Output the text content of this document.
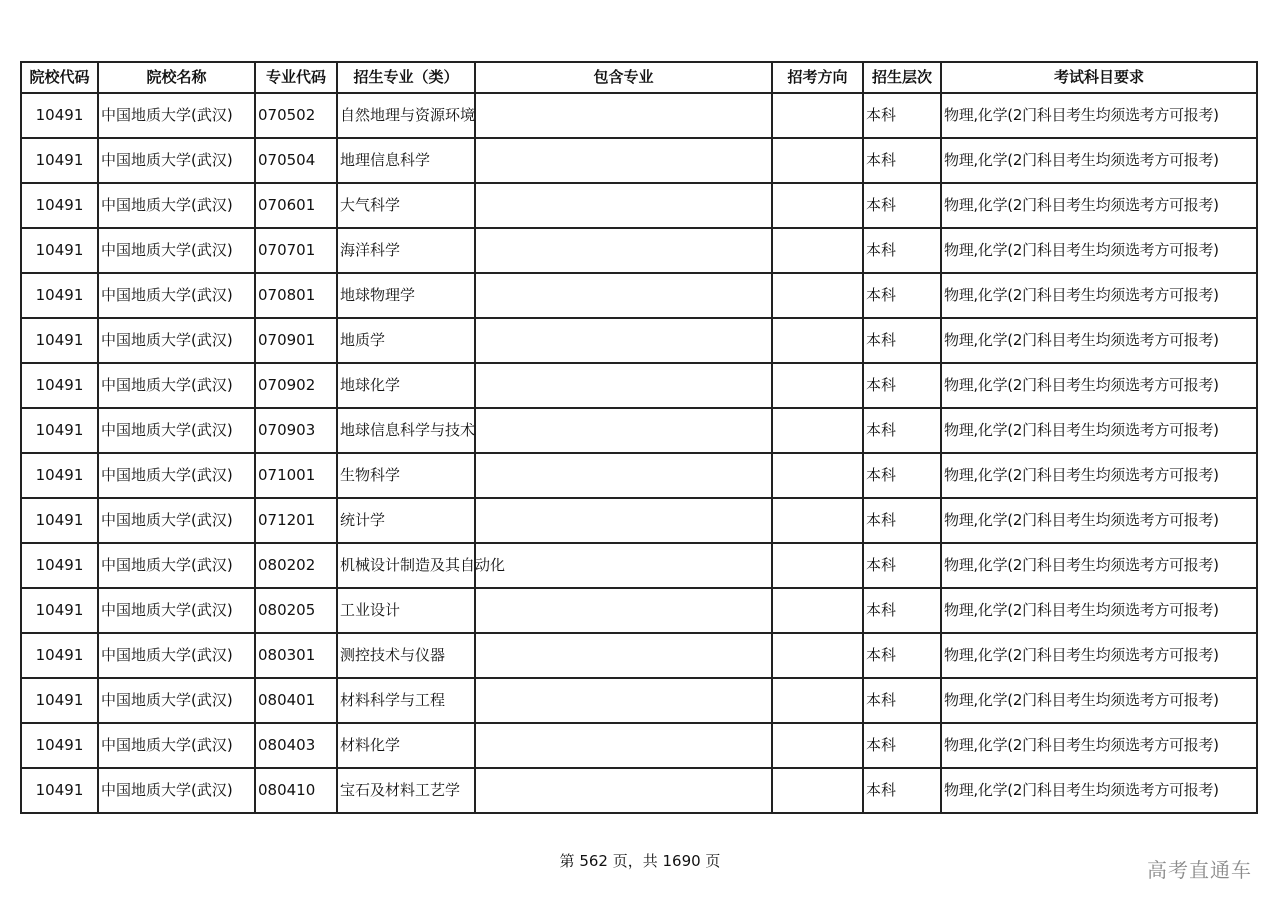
院校代码	院校名称	专业代码	招生专业（类）	包含专业	招考方向	招生层次	考试科目要求
10491	中国地质大学(武汉)	070502	自然地理与资源环境			本科	物理,化学(2门科目考生均须选考方可报考)
10491	中国地质大学(武汉)	070504	地理信息科学			本科	物理,化学(2门科目考生均须选考方可报考)
10491	中国地质大学(武汉)	070601	大气科学			本科	物理,化学(2门科目考生均须选考方可报考)
10491	中国地质大学(武汉)	070701	海洋科学			本科	物理,化学(2门科目考生均须选考方可报考)
10491	中国地质大学(武汉)	070801	地球物理学			本科	物理,化学(2门科目考生均须选考方可报考)
10491	中国地质大学(武汉)	070901	地质学			本科	物理,化学(2门科目考生均须选考方可报考)
10491	中国地质大学(武汉)	070902	地球化学			本科	物理,化学(2门科目考生均须选考方可报考)
10491	中国地质大学(武汉)	070903	地球信息科学与技术			本科	物理,化学(2门科目考生均须选考方可报考)
10491	中国地质大学(武汉)	071001	生物科学			本科	物理,化学(2门科目考生均须选考方可报考)
10491	中国地质大学(武汉)	071201	统计学			本科	物理,化学(2门科目考生均须选考方可报考)
10491	中国地质大学(武汉)	080202	机械设计制造及其自动化			本科	物理,化学(2门科目考生均须选考方可报考)
10491	中国地质大学(武汉)	080205	工业设计			本科	物理,化学(2门科目考生均须选考方可报考)
10491	中国地质大学(武汉)	080301	测控技术与仪器			本科	物理,化学(2门科目考生均须选考方可报考)
10491	中国地质大学(武汉)	080401	材料科学与工程			本科	物理,化学(2门科目考生均须选考方可报考)
10491	中国地质大学(武汉)	080403	材料化学			本科	物理,化学(2门科目考生均须选考方可报考)
10491	中国地质大学(武汉)	080410	宝石及材料工艺学			本科	物理,化学(2门科目考生均须选考方可报考)
第 562 页，共 1690 页	高考直通车
